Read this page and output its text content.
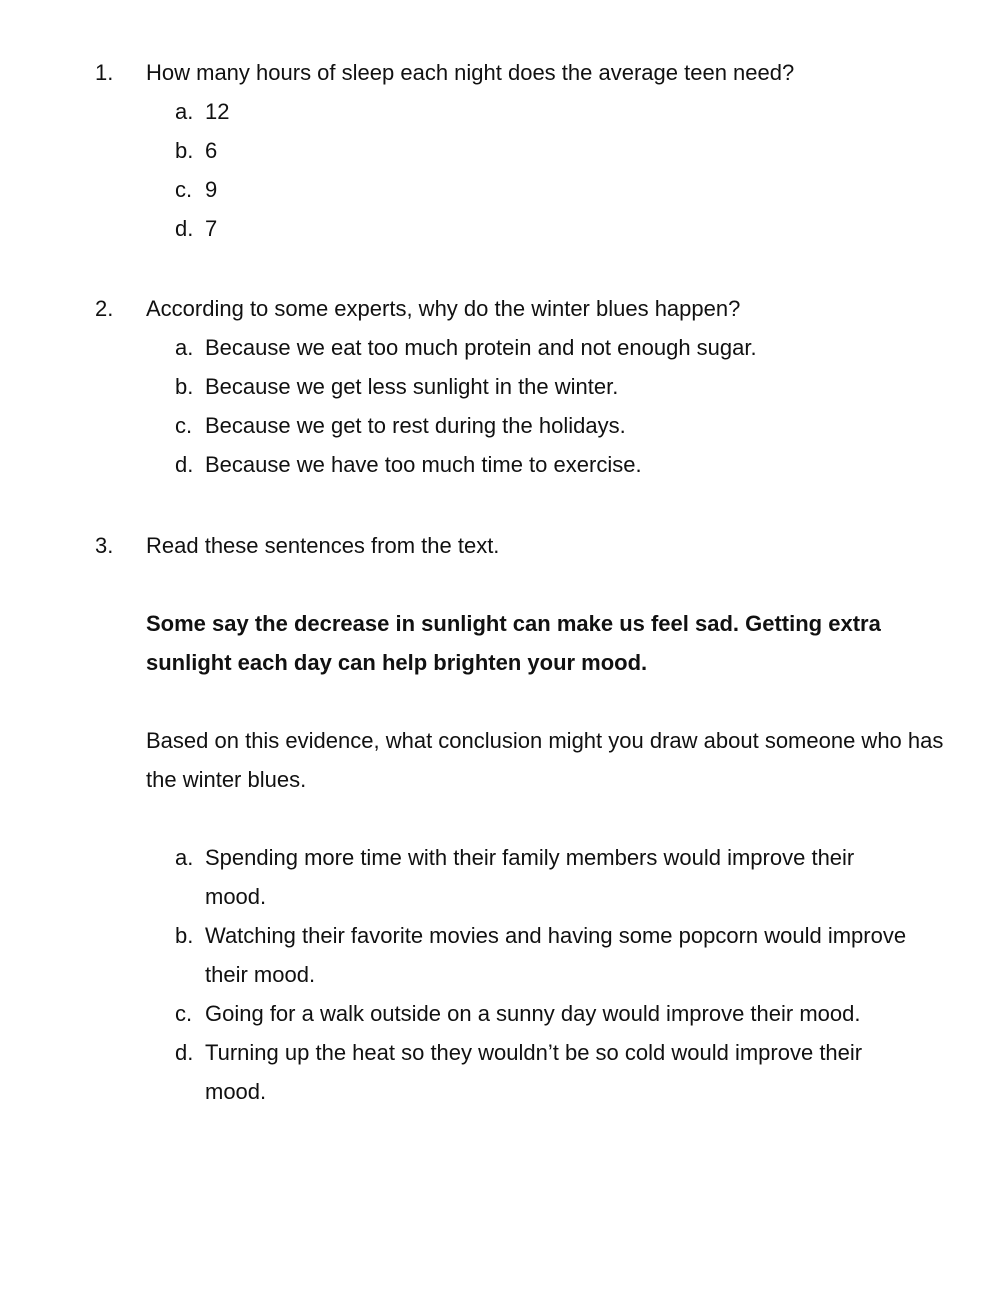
1.	How many hours of sleep each night does the average teen need?
a. 12
b. 6
c. 9
d. 7
2.	According to some experts, why do the winter blues happen?
a. Because we eat too much protein and not enough sugar.
b. Because we get less sunlight in the winter.
c. Because we get to rest during the holidays.
d. Because we have too much time to exercise.
3.	Read these sentences from the text.
Some say the decrease in sunlight can make us feel sad. Getting extra sunlight each day can help brighten your mood.
Based on this evidence, what conclusion might you draw about someone who has the winter blues.
a. Spending more time with their family members would improve their mood.
b. Watching their favorite movies and having some popcorn would improve their mood.
c. Going for a walk outside on a sunny day would improve their mood.
d. Turning up the heat so they wouldn’t be so cold would improve their mood.
